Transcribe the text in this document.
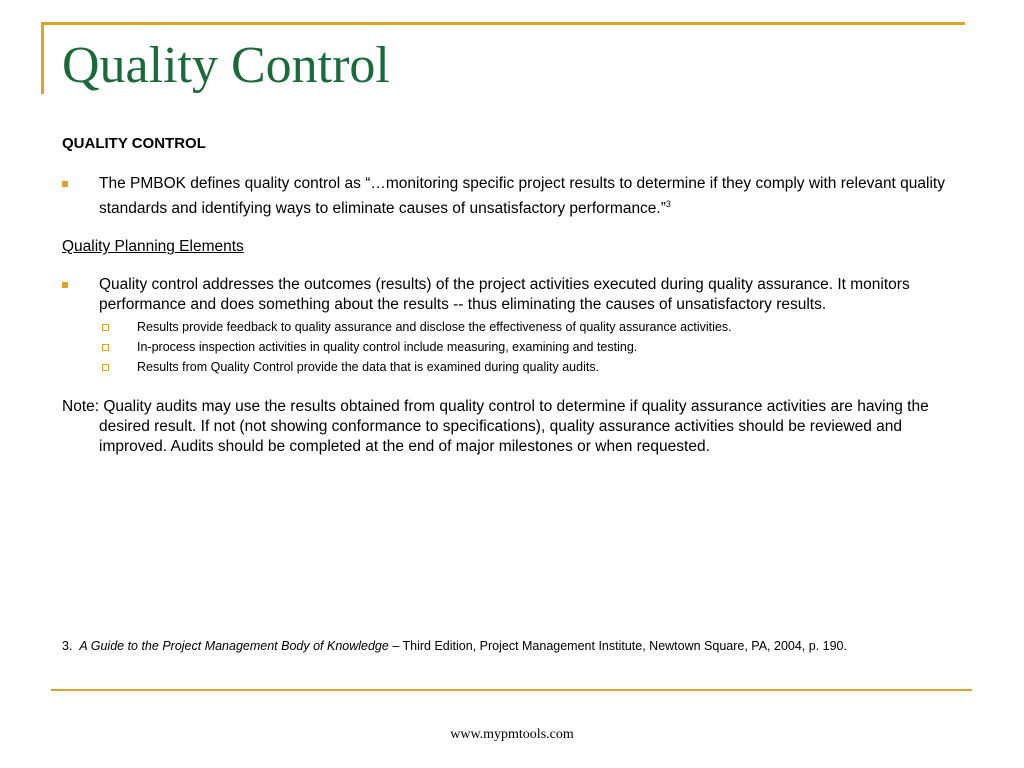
Quality Control

QUALITY CONTROL

The PMBOK defines quality control as “…monitoring specific project results to determine if they comply with relevant quality standards and identifying ways to eliminate causes of unsatisfactory performance.”$^3$

Quality Planning Elements

Quality control addresses the outcomes (results) of the project activities executed during quality assurance. It monitors performance and does something about the results -- thus eliminating the causes of unsatisfactory results.
Results provide feedback to quality assurance and disclose the effectiveness of quality assurance activities.
In-process inspection activities in quality control include measuring, examining and testing.
Results from Quality Control provide the data that is examined during quality audits.

Note: Quality audits may use the results obtained from quality control to determine if quality assurance activities are having the desired result. If not (not showing conformance to specifications), quality assurance activities should be reviewed and improved. Audits should be completed at the end of major milestones or when requested.

3. A Guide to the Project Management Body of Knowledge – Third Edition, Project Management Institute, Newtown Square, PA, 2004, p. 190.
www.mypmtools.com
